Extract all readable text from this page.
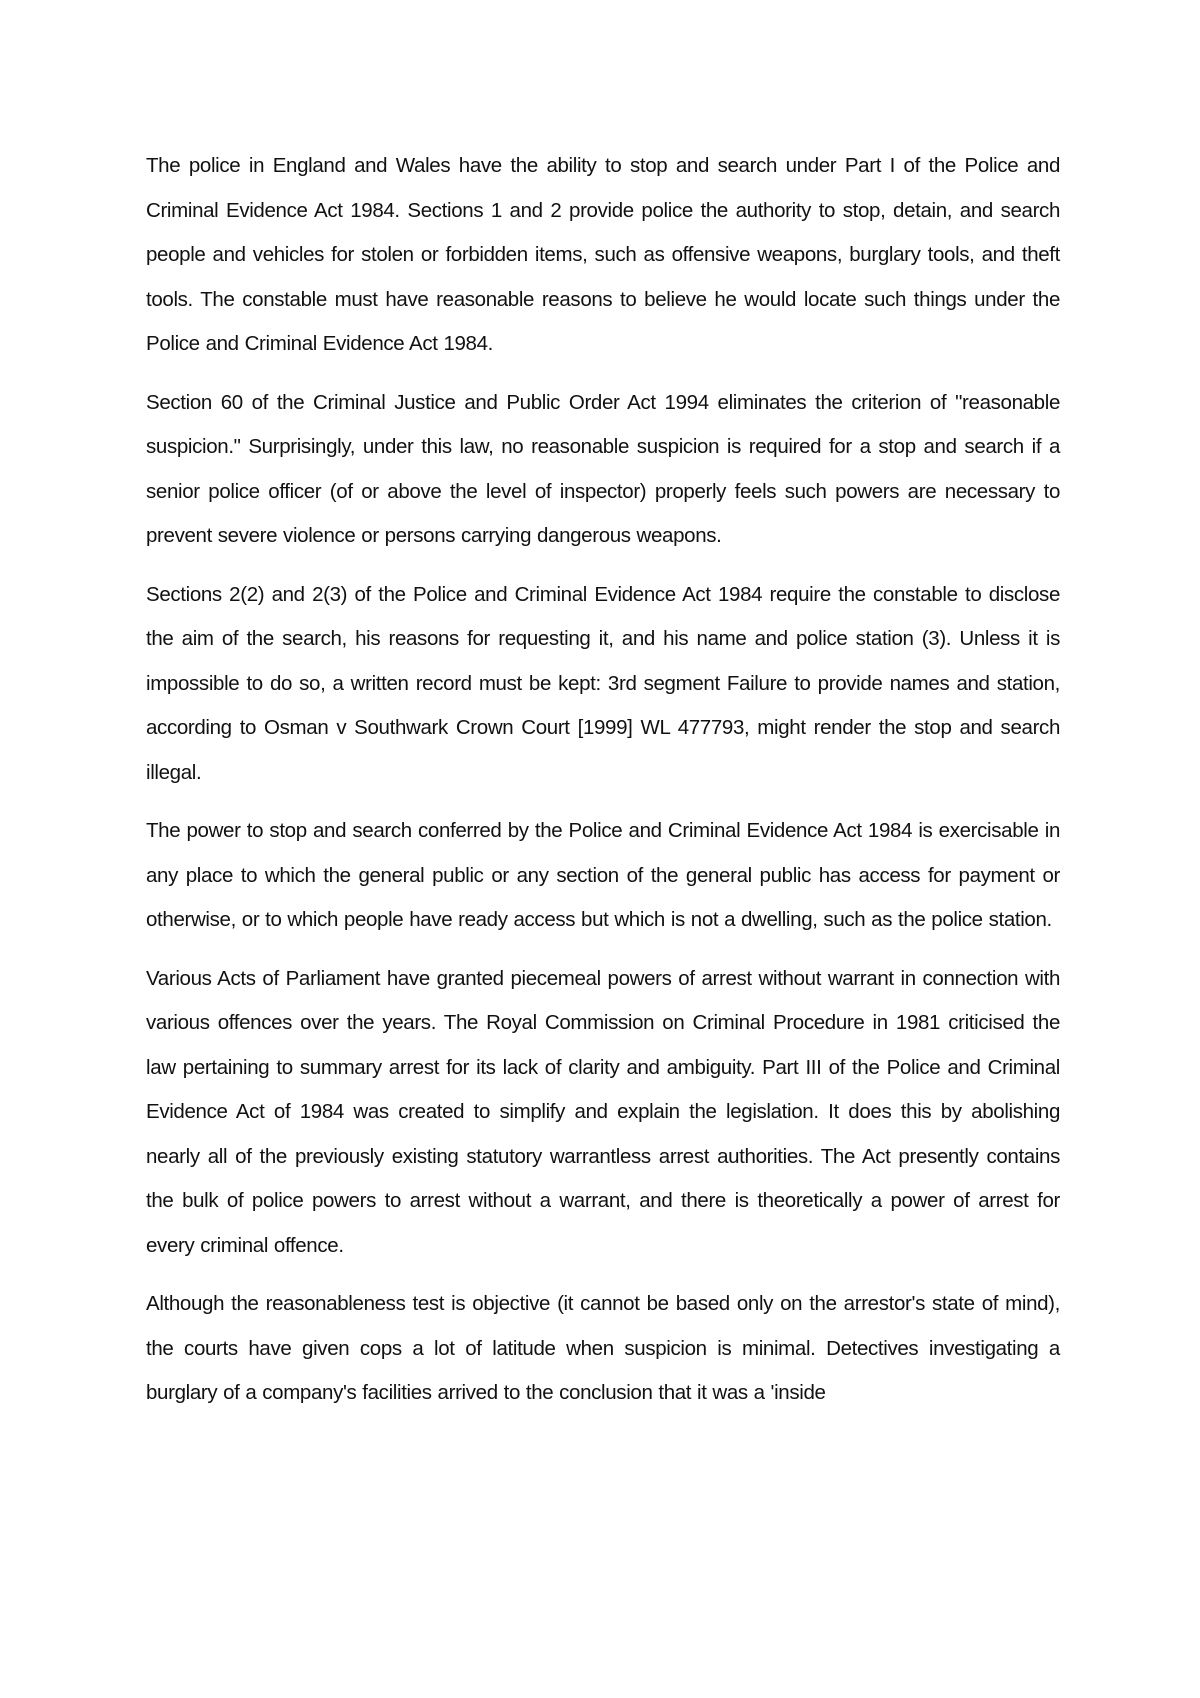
The police in England and Wales have the ability to stop and search under Part I of the Police and Criminal Evidence Act 1984. Sections 1 and 2 provide police the authority to stop, detain, and search people and vehicles for stolen or forbidden items, such as offensive weapons, burglary tools, and theft tools. The constable must have reasonable reasons to believe he would locate such things under the Police and Criminal Evidence Act 1984.

Section 60 of the Criminal Justice and Public Order Act 1994 eliminates the criterion of "reasonable suspicion." Surprisingly, under this law, no reasonable suspicion is required for a stop and search if a senior police officer (of or above the level of inspector) properly feels such powers are necessary to prevent severe violence or persons carrying dangerous weapons.

Sections 2(2) and 2(3) of the Police and Criminal Evidence Act 1984 require the constable to disclose the aim of the search, his reasons for requesting it, and his name and police station (3). Unless it is impossible to do so, a written record must be kept: 3rd segment Failure to provide names and station, according to Osman v Southwark Crown Court [1999] WL 477793, might render the stop and search illegal.

The power to stop and search conferred by the Police and Criminal Evidence Act 1984 is exercisable in any place to which the general public or any section of the general public has access for payment or otherwise, or to which people have ready access but which is not a dwelling, such as the police station.

Various Acts of Parliament have granted piecemeal powers of arrest without warrant in connection with various offences over the years. The Royal Commission on Criminal Procedure in 1981 criticised the law pertaining to summary arrest for its lack of clarity and ambiguity. Part III of the Police and Criminal Evidence Act of 1984 was created to simplify and explain the legislation. It does this by abolishing nearly all of the previously existing statutory warrantless arrest authorities. The Act presently contains the bulk of police powers to arrest without a warrant, and there is theoretically a power of arrest for every criminal offence.

Although the reasonableness test is objective (it cannot be based only on the arrestor's state of mind), the courts have given cops a lot of latitude when suspicion is minimal. Detectives investigating a burglary of a company's facilities arrived to the conclusion that it was a 'inside
